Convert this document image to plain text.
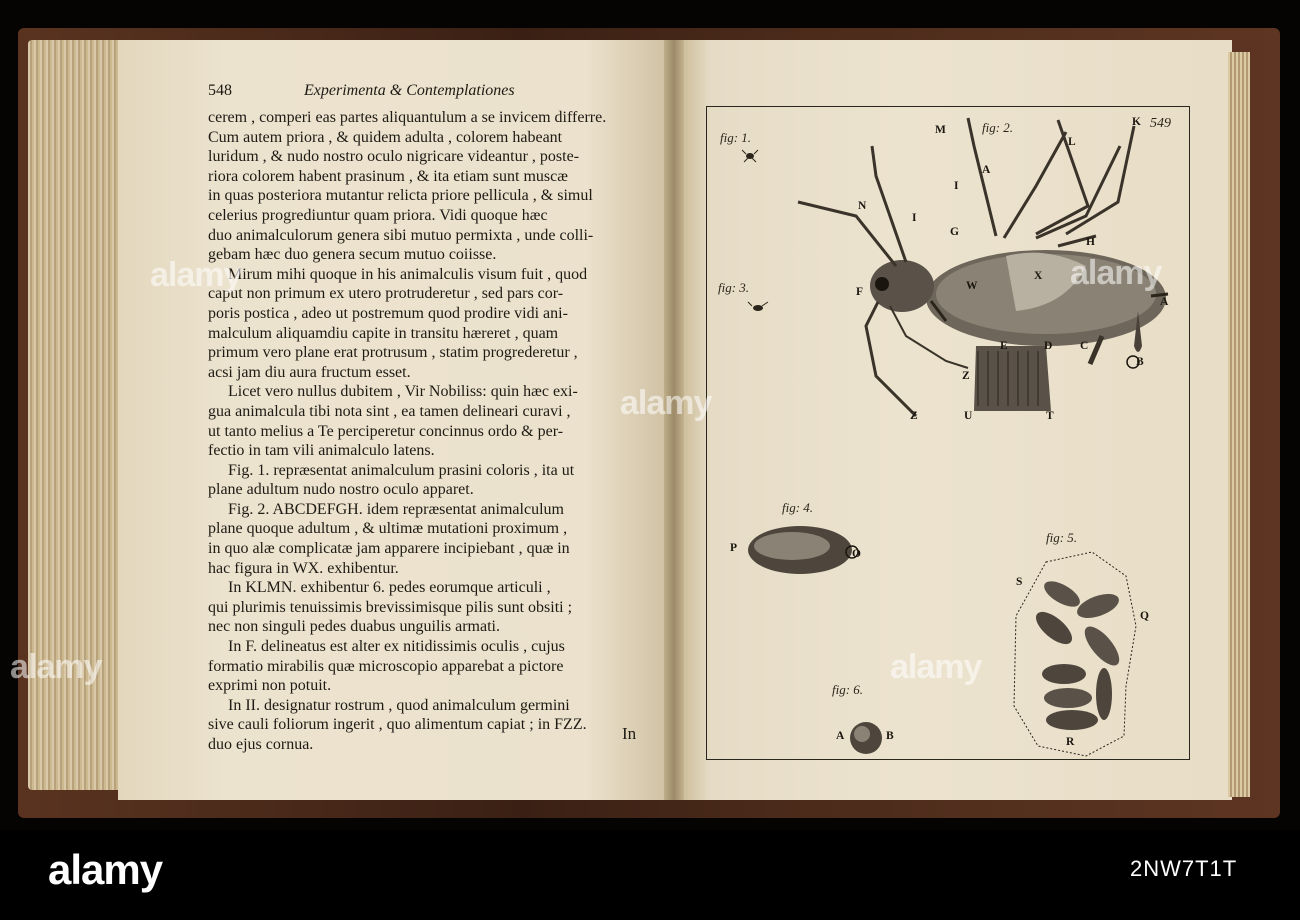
548	Experimenta & Contemplationes
cerem , comperi eas partes aliquantulum a se invicem differre.
Cum autem priora , & quidem adulta , colorem habeant
luridum , & nudo nostro oculo nigricare videantur , poste-
riora colorem habent prasinum , & ita etiam sunt muscæ
in quas posteriora mutantur relicta priore pellicula , & simul
celerius progrediuntur quam priora. Vidi quoque hæc
duo animalculorum genera sibi mutuo permixta , unde colli-
gebam hæc duo genera secum mutuo coiisse.
Mirum mihi quoque in his animalculis visum fuit , quod
caput non primum ex utero protruderetur , sed pars cor-
poris postica , adeo ut postremum quod prodire vidi ani-
malculum aliquamdiu capite in transitu hæreret , quam
primum vero plane erat protrusum , statim progrederetur ,
acsi jam diu aura fructum esset.
Licet vero nullus dubitem , Vir Nobiliss: quin hæc exi-
gua animalcula tibi nota sint , ea tamen delineari curavi ,
ut tanto melius a Te perciperetur concinnus ordo & per-
fectio in tam vili animalculo latens.
Fig. 1. repræsentat animalculum prasini coloris , ita ut
plane adultum nudo nostro oculo apparet.
Fig. 2. ABCDEFGH. idem repræsentat animalculum
plane quoque adultum , & ultimæ mutationi proximum ,
in quo alæ complicatæ jam apparere incipiebant , quæ in
hac figura in WX. exhibentur.
In KLMN. exhibentur 6. pedes eorumque articuli ,
qui plurimis tenuissimis brevissimisque pilis sunt obsiti ;
nec non singuli pedes duabus unguilis armati.
In F. delineatus est alter ex nitidissimis oculis , cujus
formatio mirabilis quæ microscopio apparebat a pictore
exprimi non potuit.
In II. designatur rostrum , quod animalculum germini
sive cauli foliorum ingerit , quo alimentum capiat ; in FZZ.
duo ejus cornua.
In
549
fig: 1.
fig: 2.
fig: 3.
fig: 4.
fig: 5.
fig: 6.
M
K
L
A
I
N
I
G
H
X
F	W
A
E	D C
B
Z
Z	U	T
P	O
S
Q
R
A	B
alamy
alamy
alamy
alamy	alamy
alamy	2NW7T1T
